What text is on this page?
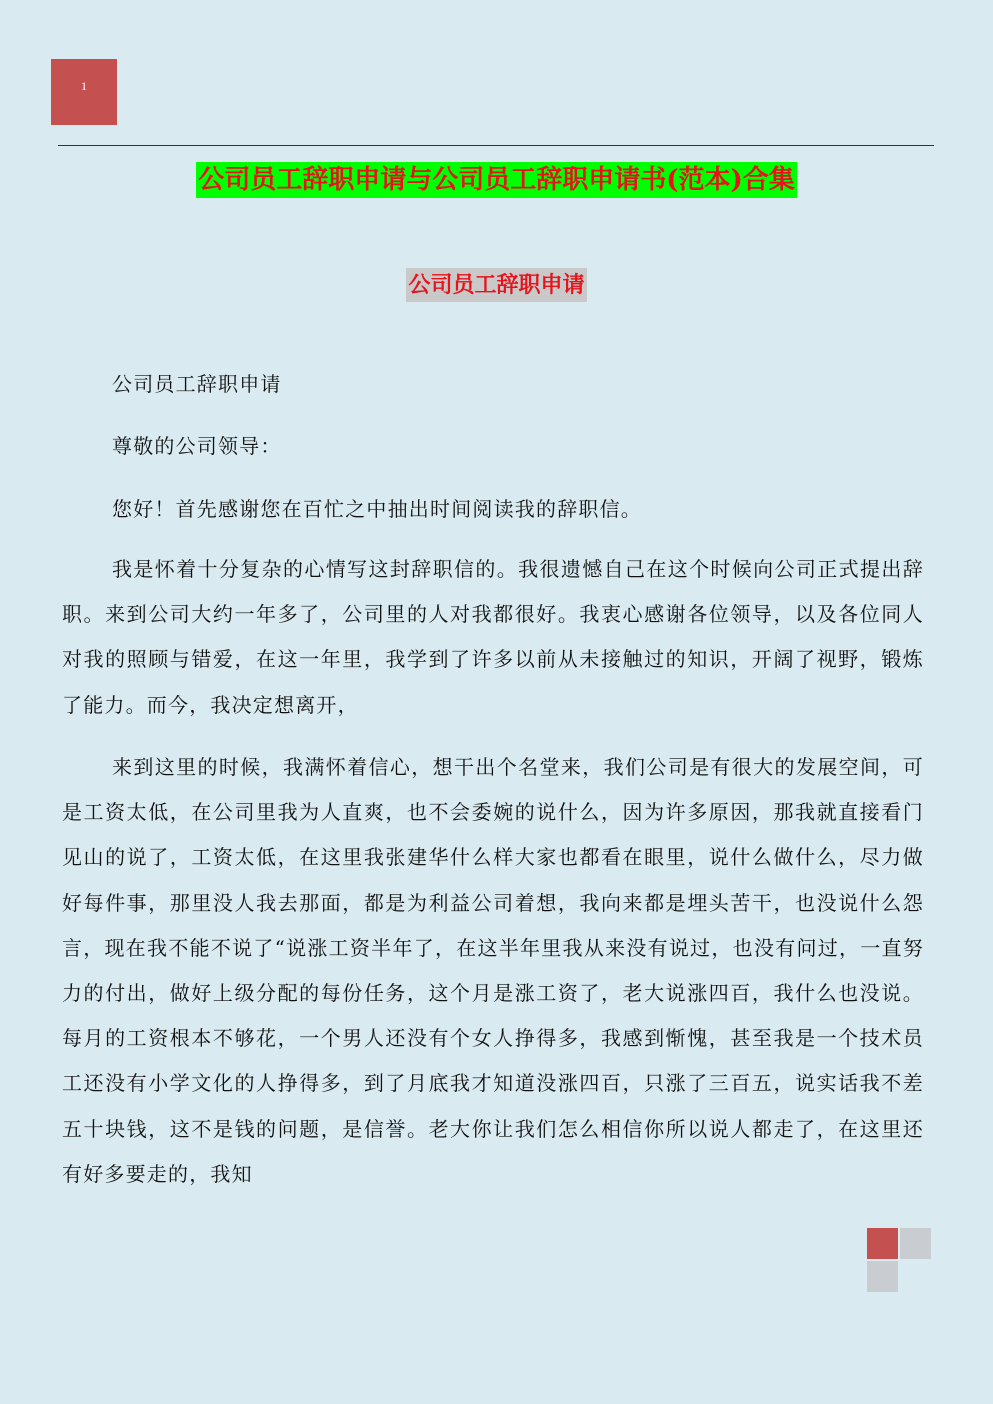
1
公司员工辞职申请与公司员工辞职申请书(范本)合集
公司员工辞职申请
公司员工辞职申请
尊敬的公司领导：
您好！首先感谢您在百忙之中抽出时间阅读我的辞职信。

我是怀着十分复杂的心情写这封辞职信的。我很遗憾自己在这个时候向公司正式提出辞职。来到公司大约一年多了，公司里的人对我都很好。我衷心感谢各位领导，以及各位同人对我的照顾与错爱，在这一年里，我学到了许多以前从未接触过的知识，开阔了视野，锻炼了能力。而今，我决定想离开，

来到这里的时候，我满怀着信心，想干出个名堂来，我们公司是有很大的发展空间，可是工资太低，在公司里我为人直爽，也不会委婉的说什么，因为许多原因，那我就直接看门见山的说了，工资太低，在这里我张建华什么样大家也都看在眼里，说什么做什么，尽力做好每件事，那里没人我去那面，都是为利益公司着想，我向来都是埋头苦干，也没说什么怨言，现在我不能不说了“说涨工资半年了，在这半年里我从来没有说过，也没有问过，一直努力的付出，做好上级分配的每份任务，这个月是涨工资了，老大说涨四百，我什么也没说。每月的工资根本不够花，一个男人还没有个女人挣得多，我感到惭愧，甚至我是一个技术员工还没有小学文化的人挣得多，到了月底我才知道没涨四百，只涨了三百五，说实话我不差五十块钱，这不是钱的问题，是信誉。老大你让我们怎么相信你所以说人都走了，在这里还有好多要走的，我知
